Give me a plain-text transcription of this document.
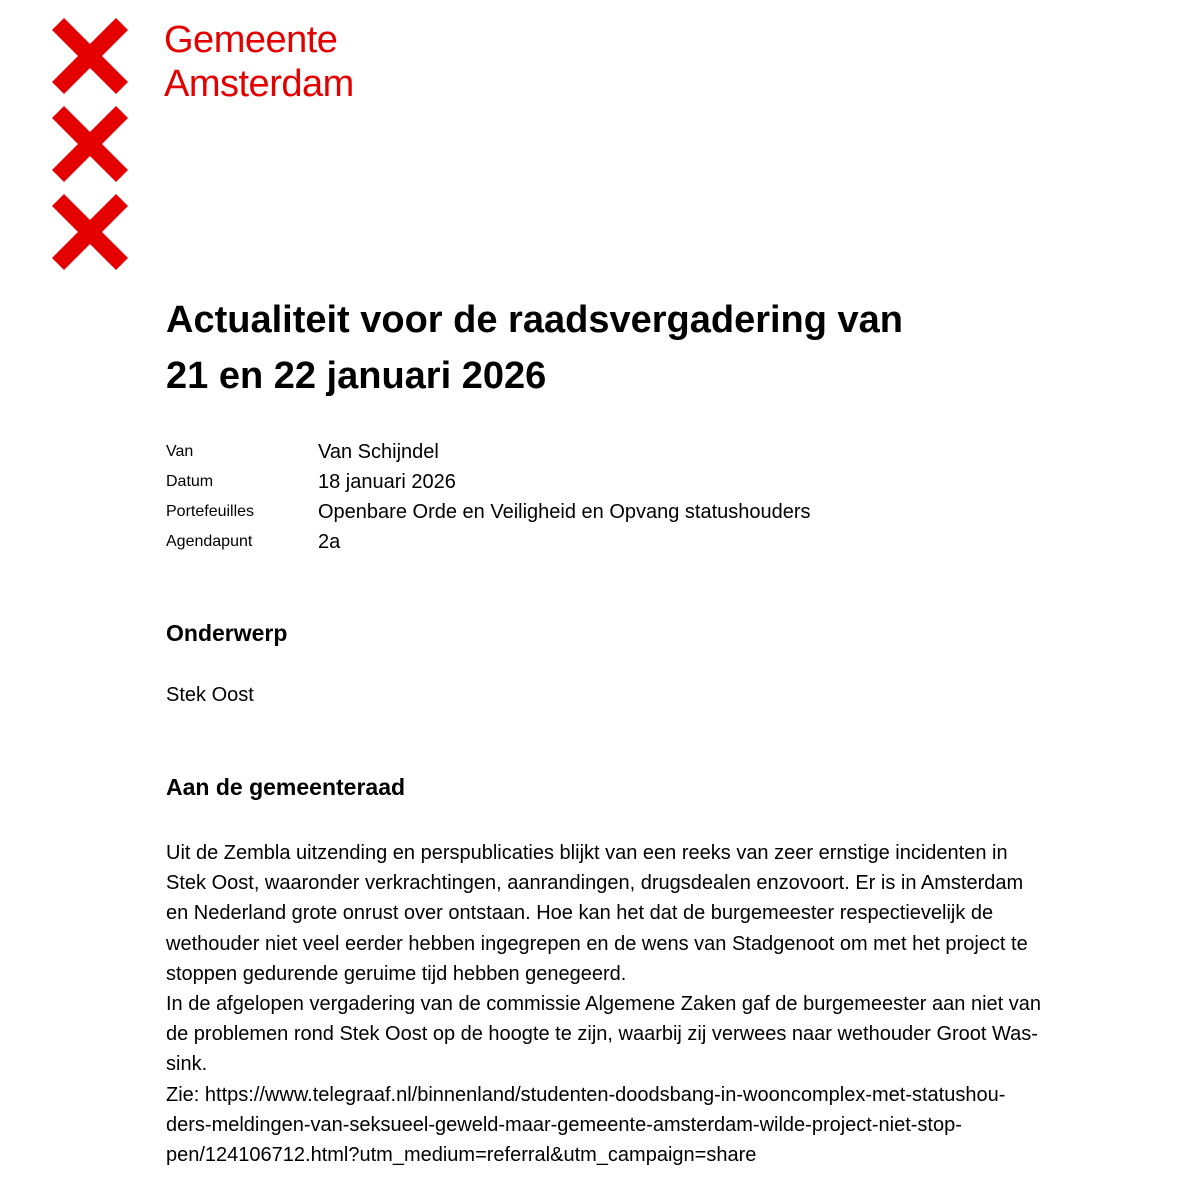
Gemeente
Amsterdam
Actualiteit voor de raadsvergadering van
21 en 22 januari 2026
Van	Van Schijndel
Datum	18 januari 2026
Portefeuilles	Openbare Orde en Veiligheid en Opvang statushouders
Agendapunt	2a
Onderwerp
Stek Oost
Aan de gemeenteraad
Uit de Zembla uitzending en perspublicaties blijkt van een reeks van zeer ernstige incidenten in
Stek Oost, waaronder verkrachtingen, aanrandingen, drugsdealen enzovoort. Er is in Amsterdam
en Nederland grote onrust over ontstaan. Hoe kan het dat de burgemeester respectievelijk de
wethouder niet veel eerder hebben ingegrepen en de wens van Stadgenoot om met het project te
stoppen gedurende geruime tijd hebben genegeerd.
In de afgelopen vergadering van de commissie Algemene Zaken gaf de burgemeester aan niet van
de problemen rond Stek Oost op de hoogte te zijn, waarbij zij verwees naar wethouder Groot Was-
sink.
Zie: https://www.telegraaf.nl/binnenland/studenten-doodsbang-in-wooncomplex-met-statushou-
ders-meldingen-van-seksueel-geweld-maar-gemeente-amsterdam-wilde-project-niet-stop-
pen/124106712.html?utm_medium=referral&utm_campaign=share
